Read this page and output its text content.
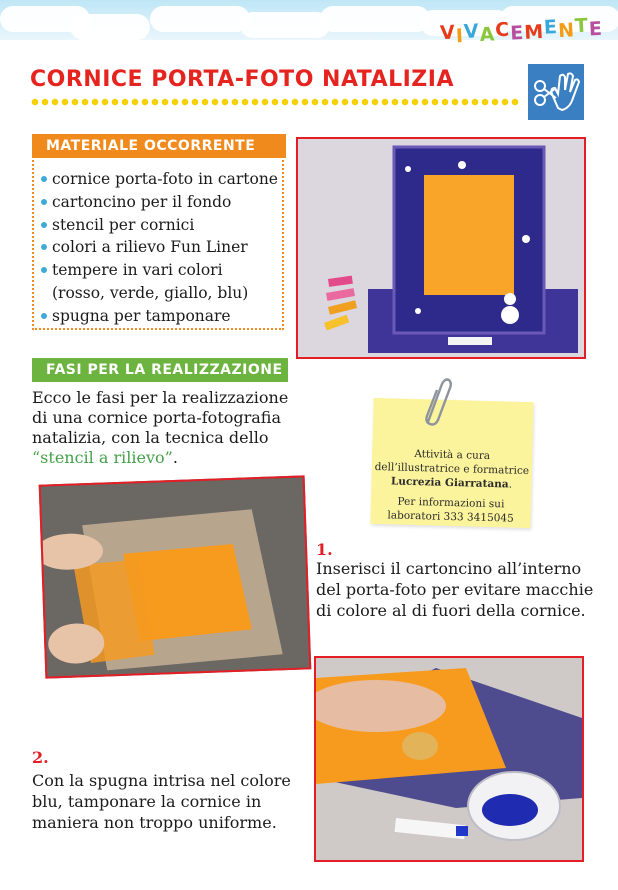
VIVACEMENTE
CORNICE PORTA-FOTO NATALIZIA
MATERIALE OCCORRENTE
cornice porta-foto in cartone
cartoncino per il fondo
stencil per cornici
colori a rilievo Fun Liner
tempere in vari colori
(rosso, verde, giallo, blu)
spugna per tamponare
FASI PER LA REALIZZAZIONE
Ecco le fasi per la realizzazione di una cornice porta-fotografia natalizia, con la tecnica dello “stencil a rilievo”.	Attività a cura
dell’illustratrice e formatrice
Lucrezia Giarratana.
Per informazioni sui
laboratori 333 3415045
1.
Inserisci il cartoncino all’interno del porta-foto per evitare macchie di colore al di fuori della cornice.
2.
Con la spugna intrisa nel colore blu, tamponare la cornice in maniera non troppo uniforme.
